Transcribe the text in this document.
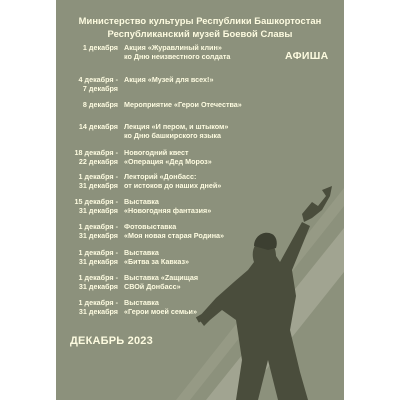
Министерство культуры Республики Башкортостан
Республиканский музей Боевой Славы
АФИША
1 декабря Акция «Журавлиный клин»
ко Дню неизвестного солдата
4 декабря -
7 декабря
Акция «Музей для всех!»
8 декабря Мероприятие «Герои Отечества»
14 декабря Лекция «И пером, и штыком»
ко Дню башкирского языка
18 декабря -
22 декабря
Новогодний квест
«Операция «Дед Мороз»
1 декабря -
31 декабря
Лекторий «Донбасс:
от истоков до наших дней»
15 декабря -
31 декабря
Выставка
«Новогодняя фантазия»
1 декабря -
31 декабря
Фотовыставка
«Моя новая старая Родина»
1 декабря -
31 декабря
Выставка
«Битва за Кавказ»
1 декабря -
31 декабря
Выставка «Zащищая
СВОй Донбасс»
1 декабря -
31 декабря
Выставка
«Герои моей семьи»
ДЕКАБРЬ 2023
